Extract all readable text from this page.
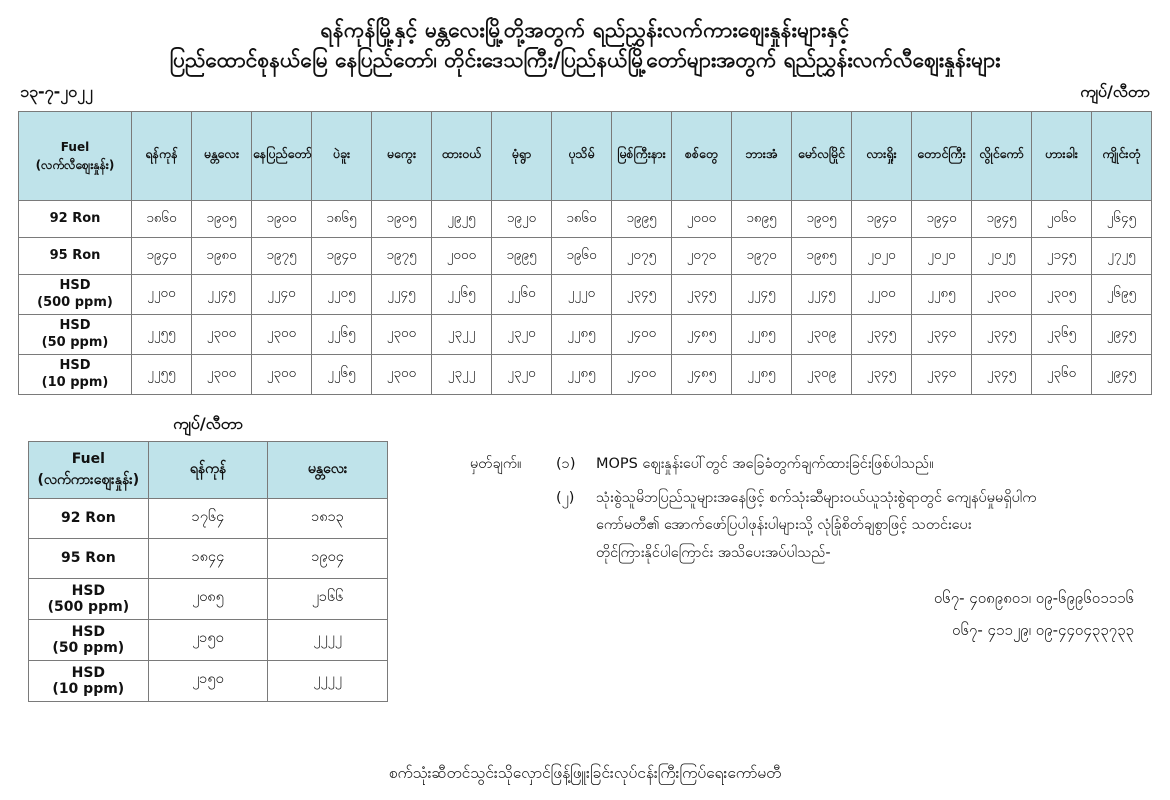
ရန်ကုန်မြို့နှင့် မန္တလေးမြို့တို့အတွက် ရည်ညွှန်းလက်ကားဈေးနှုန်းများနှင့်
ပြည်ထောင်စုနယ်မြေ နေပြည်တော်၊ တိုင်းဒေသကြီး/ပြည်နယ်မြို့တော်များအတွက် ရည်ညွှန်းလက်လီဈေးနှုန်းများ
၁၃-၇-၂၀၂၂	ကျပ်/လီတာ
Fuel
(လက်လီဈေးနှုန်း)	ရန်ကုန်	မန္တလေး	နေပြည်တော်	ပဲခူး	မကွေး	ထားဝယ်	မုံရွာ	ပုသိမ်	မြစ်ကြီးနား	စစ်တွေ	ဘားအံ	မော်လမြိုင်	လားရှိုး	တောင်ကြီး	လွိုင်ကော်	ဟားခါး	ကျိုင်းတုံ

92 Ron	၁၈၆၀	၁၉၀၅	၁၉၀၀	၁၈၆၅	၁၉၀၅	၂၉၂၅	၁၉၂၀	၁၈၆၀	၁၉၉၅	၂၀၀၀	၁၈၉၅	၁၉၀၅	၁၉၄၀	၁၉၄၀	၁၉၄၅	၂၀၆၀	၂၆၄၅

95 Ron	၁၉၄၀	၁၉၈၀	၁၉၇၅	၁၉၄၀	၁၉၇၅	၂၀၀၀	၁၉၉၅	၁၉၆၀	၂၀၇၅	၂၀၇၀	၁၉၇၀	၁၉၈၅	၂၀၂၀	၂၀၂၀	၂၀၂၅	၂၁၄၅	၂၇၂၅

HSD
(500 ppm)	၂၂၀၀	၂၂၄၅	၂၂၄၀	၂၂၀၅	၂၂၄၅	၂၂၆၅	၂၂၆၀	၂၂၂၀	၂၃၄၅	၂၃၄၅	၂၂၄၅	၂၂၄၅	၂၂၀၀	၂၂၈၅	၂၃၀၀	၂၃၀၅	၂၆၉၅

HSD
(50 ppm)	၂၂၅၅	၂၃၀၀	၂၃၀၀	၂၂၆၅	၂၃၀၀	၂၃၂၂	၂၃၂၀	၂၂၈၅	၂၄၀၀	၂၄၈၅	၂၂၈၅	၂၃၀၉	၂၃၄၅	၂၃၄၀	၂၃၄၅	၂၃၆၅	၂၉၄၅

HSD
(10 ppm)	၂၂၅၅	၂၃၀၀	၂၃၀၀	၂၂၆၅	၂၃၀၀	၂၃၂၂	၂၃၂၀	၂၂၈၅	၂၄၀၀	၂၄၈၅	၂၂၈၅	၂၃၀၉	၂၃၄၅	၂၃၄၀	၂၃၄၅	၂၃၆၀	၂၉၄၅
ကျပ်/လီတာ
Fuel
(လက်ကားဈေးနှုန်း)	ရန်ကုန်	မန္တလေး

92 Ron	၁၇၆၄	၁၈၁၃

95 Ron	၁၈၄၄	၁၉၀၄

HSD
(500 ppm)	၂၀၈၅	၂၁၆၆

HSD
(50 ppm)	၂၁၅၀	၂၂၂၂

HSD
(10 ppm)	၂၁၅၀	၂၂၂၂
မှတ်ချက်။	(၁)	MOPS ဈေးနှုန်းပေါ်တွင် အခြေခံတွက်ချက်ထားခြင်းဖြစ်ပါသည်။
(၂)	သုံးစွဲသူမိဘပြည်သူများအနေဖြင့် စက်သုံးဆီများဝယ်ယူသုံးစွဲရာတွင် ကျေနပ်မှုမရှိပါက
ကော်မတီ၏ အောက်ဖော်ပြပါဖုန်းပါများသို့ လုံခြုံစိတ်ချစွာဖြင့် သတင်းပေး
တိုင်ကြားနိုင်ပါကြောင်း အသိပေးအပ်ပါသည်-
၀၆၇- ၄၀၈၉၈၀၁၊ ၀၉-၆၉၉၆၀၁၁၁၆
၀၆၇- ၄၁၁၂၉၊ ၀၉-၄၄၀၄၃၃၇၃၃
စက်သုံးဆီတင်သွင်းသိုလှောင်ဖြန့်ဖြူးခြင်းလုပ်ငန်းကြီးကြပ်ရေးကော်မတီ
